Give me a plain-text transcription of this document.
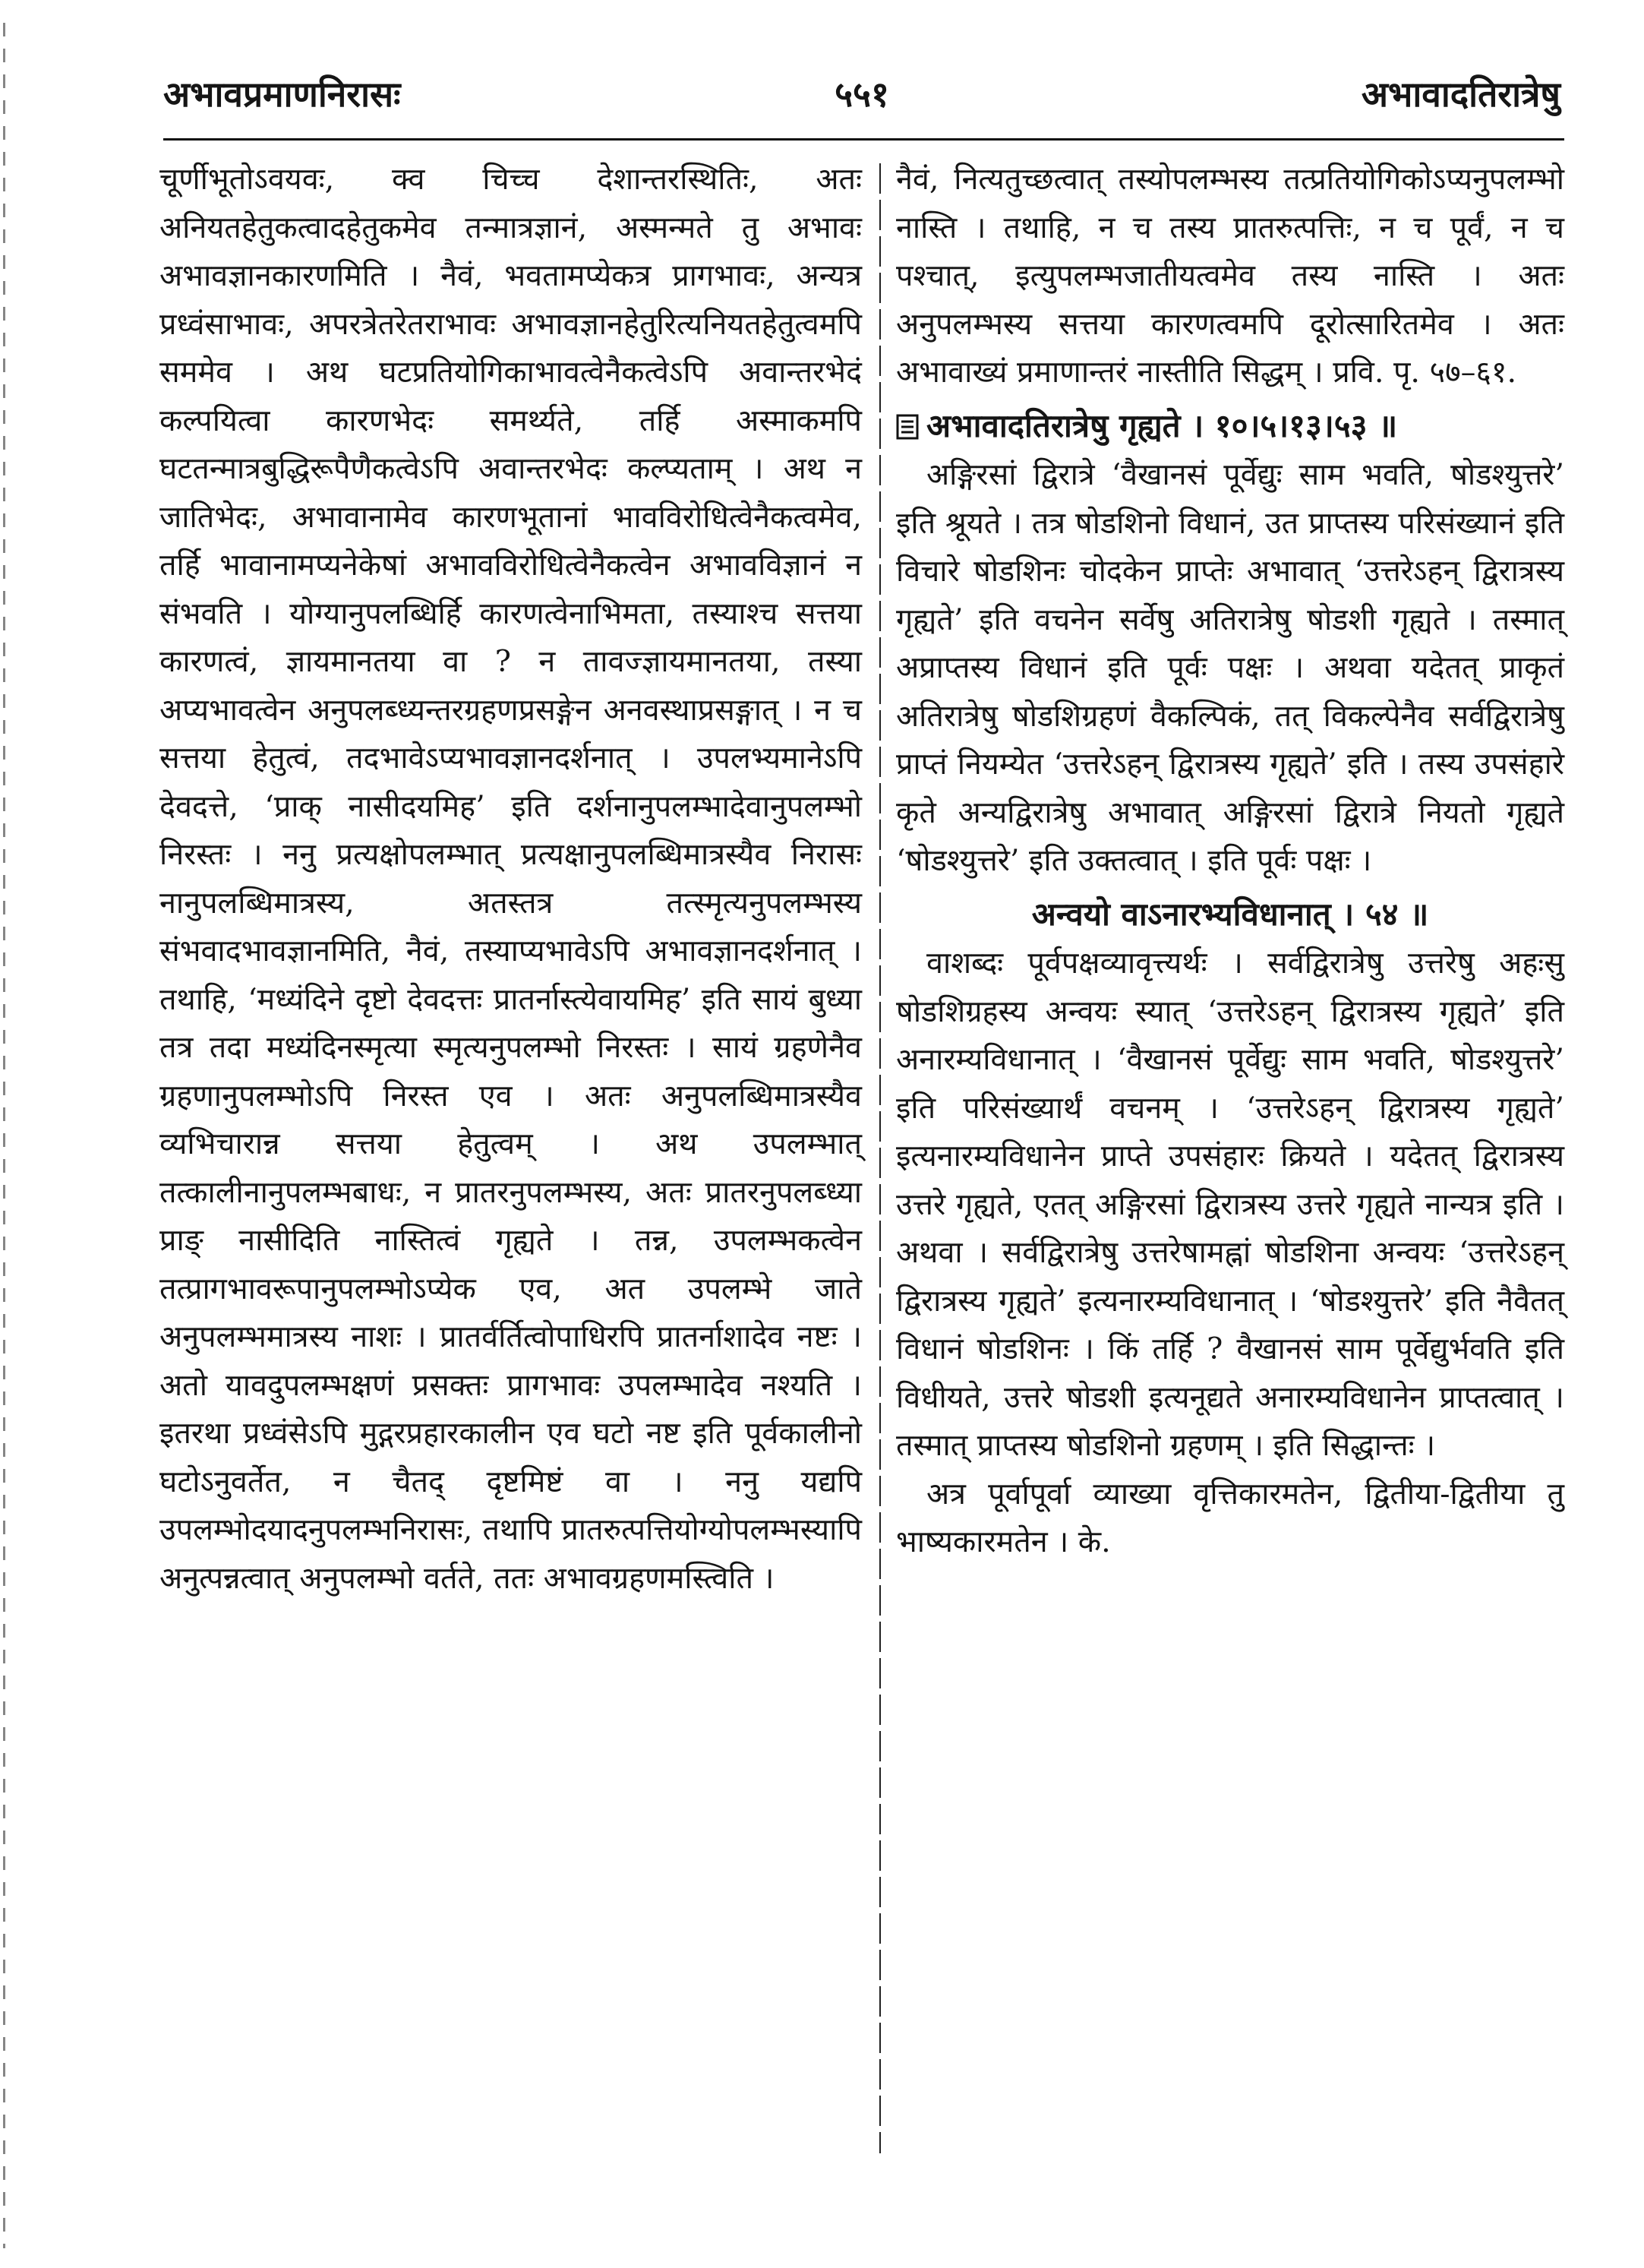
अभावप्रमाणनिरासः	५५१	अभावादतिरात्रेषु

चूर्णीभूतोऽवयवः, क्व चिच्च देशान्तरस्थितिः, अतः अनियतहेतुकत्वादहेतुकमेव तन्मात्रज्ञानं, अस्मन्मते तु अभावः अभावज्ञानकारणमिति । नैवं, भवतामप्येकत्र प्रागभावः, अन्यत्र प्रध्वंसाभावः, अपरत्रेतरेतराभावः अभावज्ञानहेतुरित्यनियतहेतुत्वमपि सममेव । अथ घटप्रतियोगिकाभावत्वेनैकत्वेऽपि अवान्तरभेदं कल्पयित्वा कारणभेदः समर्थ्यते, तर्हि अस्माकमपि घटतन्मात्रबुद्धिरूपैणैकत्वेऽपि अवान्तरभेदः कल्प्यताम् । अथ न जातिभेदः, अभावानामेव कारणभूतानां भावविरोधित्वेनैकत्वमेव, तर्हि भावानामप्यनेकेषां अभावविरोधित्वेनैकत्वेन अभावविज्ञानं न संभवति । योग्यानुपलब्धिर्हि कारणत्वेनाभिमता, तस्याश्च सत्तया कारणत्वं, ज्ञायमानतया वा ? न तावज्ज्ञायमानतया, तस्या अप्यभावत्वेन अनुपलब्ध्यन्तरग्रहणप्रसङ्गेन अनवस्थाप्रसङ्गात् । न च सत्तया हेतुत्वं, तदभावेऽप्यभावज्ञानदर्शनात् । उपलभ्यमानेऽपि देवदत्ते, ‘प्राक् नासीदयमिह’ इति दर्शनानुपलम्भादेवानुपलम्भो निरस्तः । ननु प्रत्यक्षोपलम्भात् प्रत्यक्षानुपलब्धिमात्रस्यैव निरासः नानुपलब्धिमात्रस्य, अतस्तत्र तत्स्मृत्यनुपलम्भस्य संभवादभावज्ञानमिति, नैवं, तस्याप्यभावेऽपि अभावज्ञानदर्शनात् । तथाहि, ‘मध्यंदिने दृष्टो देवदत्तः प्रातर्नास्त्येवायमिह’ इति सायं बुध्या तत्र तदा मध्यंदिनस्मृत्या स्मृत्यनुपलम्भो निरस्तः । सायं ग्रहणेनैव ग्रहणानुपलम्भोऽपि निरस्त एव । अतः अनुपलब्धिमात्रस्यैव व्यभिचारान्न सत्तया हेतुत्वम् । अथ उपलम्भात् तत्कालीनानुपलम्भबाधः, न प्रातरनुपलम्भस्य, अतः प्रातरनुपलब्ध्या प्राङ् नासीदिति नास्तित्वं गृह्यते । तन्न, उपलम्भकत्वेन तत्प्रागभावरूपानुपलम्भोऽप्येक एव, अत उपलम्भे जाते अनुपलम्भमात्रस्य नाशः । प्रातर्वर्तित्वोपाधिरपि प्रातर्नाशादेव नष्टः । अतो यावदुपलम्भक्षणं प्रसक्तः प्रागभावः उपलम्भादेव नश्यति । इतरथा प्रध्वंसेऽपि मुद्गरप्रहारकालीन एव घटो नष्ट इति पूर्वकालीनो घटोऽनुवर्तेत, न चैतद् दृष्टमिष्टं वा । ननु यद्यपि उपलम्भोदयादनुपलम्भनिरासः, तथापि प्रातरुत्पत्तियोग्योपलम्भस्यापि अनुत्पन्नत्वात् अनुपलम्भो वर्तते, ततः अभावग्रहणमस्त्विति ।

नैवं, नित्यतुच्छत्वात् तस्योपलम्भस्य तत्प्रतियोगिकोऽप्यनुपलम्भो नास्ति । तथाहि, न च तस्य प्रातरुत्पत्तिः, न च पूर्वं, न च पश्चात्, इत्युपलम्भजातीयत्वमेव तस्य नास्ति । अतः अनुपलम्भस्य सत्तया कारणत्वमपि दूरोत्सारितमेव । अतः अभावाख्यं प्रमाणान्तरं नास्तीति सिद्धम् । प्रवि. पृ. ५७–६१.

अभावादतिरात्रेषु गृह्यते । १०।५।१३।५३ ॥

अङ्गिरसां द्विरात्रे ‘वैखानसं पूर्वेद्युः साम भवति, षोडश्युत्तरे’ इति श्रूयते । तत्र षोडशिनो विधानं, उत प्राप्तस्य परिसंख्यानं इति विचारे षोडशिनः चोदकेन प्राप्तेः अभावात् ‘उत्तरेऽहन् द्विरात्रस्य गृह्यते’ इति वचनेन सर्वेषु अतिरात्रेषु षोडशी गृह्यते । तस्मात् अप्राप्तस्य विधानं इति पूर्वः पक्षः । अथवा यदेतत् प्राकृतं अतिरात्रेषु षोडशिग्रहणं वैकल्पिकं, तत् विकल्पेनैव सर्वद्विरात्रेषु प्राप्तं नियम्येत ‘उत्तरेऽहन् द्विरात्रस्य गृह्यते’ इति । तस्य उपसंहारे कृते अन्यद्विरात्रेषु अभावात् अङ्गिरसां द्विरात्रे नियतो गृह्यते ‘षोडश्युत्तरे’ इति उक्तत्वात् । इति पूर्वः पक्षः ।

अन्वयो वाऽनारभ्यविधानात् । ५४ ॥

वाशब्दः पूर्वपक्षव्यावृत्त्यर्थः । सर्वद्विरात्रेषु उत्तरेषु अहःसु षोडशिग्रहस्य अन्वयः स्यात् ‘उत्तरेऽहन् द्विरात्रस्य गृह्यते’ इति अनारम्यविधानात् । ‘वैखानसं पूर्वेद्युः साम भवति, षोडश्युत्तरे’ इति परिसंख्यार्थं वचनम् । ‘उत्तरेऽहन् द्विरात्रस्य गृह्यते’ इत्यनारम्यविधानेन प्राप्ते उपसंहारः क्रियते । यदेतत् द्विरात्रस्य उत्तरे गृह्यते, एतत् अङ्गिरसां द्विरात्रस्य उत्तरे गृह्यते नान्यत्र इति । अथवा । सर्वद्विरात्रेषु उत्तरेषामह्नां षोडशिना अन्वयः ‘उत्तरेऽहन् द्विरात्रस्य गृह्यते’ इत्यनारम्यविधानात् । ‘षोडश्युत्तरे’ इति नैवैतत् विधानं षोडशिनः । किं तर्हि ? वैखानसं साम पूर्वेद्युर्भवति इति विधीयते, उत्तरे षोडशी इत्यनूद्यते अनारम्यविधानेन प्राप्तत्वात् । तस्मात् प्राप्तस्य षोडशिनो ग्रहणम् । इति सिद्धान्तः ।

अत्र पूर्वापूर्वा व्याख्या वृत्तिकारमतेन, द्वितीया-द्वितीया तु भाष्यकारमतेन । के.
